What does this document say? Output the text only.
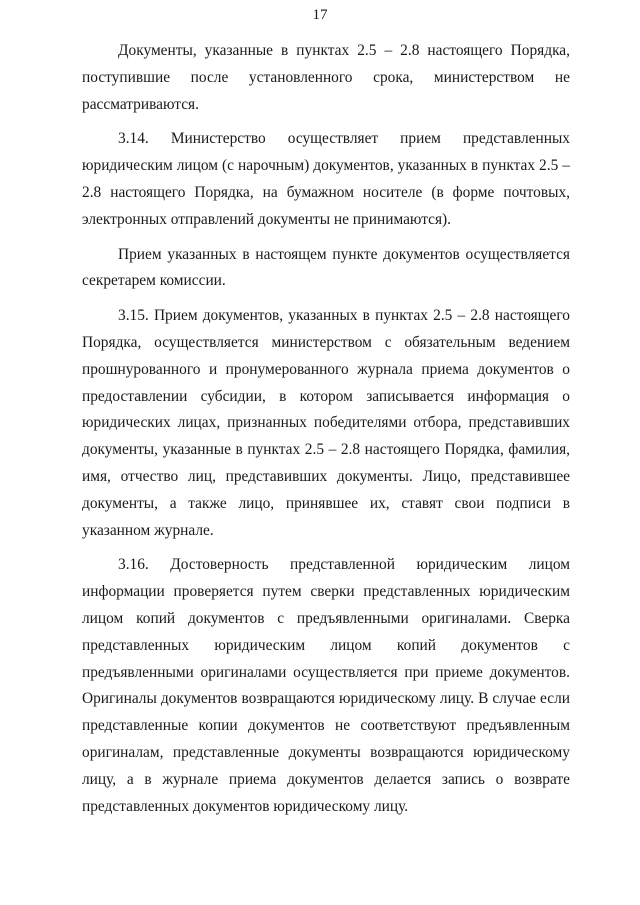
17

Документы, указанные в пунктах 2.5 – 2.8 настоящего Порядка, поступившие после установленного срока, министерством не рассматриваются.

3.14. Министерство осуществляет прием представленных юридическим лицом (с нарочным) документов, указанных в пунктах 2.5 – 2.8 настоящего Порядка, на бумажном носителе (в форме почтовых, электронных отправлений документы не принимаются).

Прием указанных в настоящем пункте документов осуществляется секретарем комиссии.

3.15. Прием документов, указанных в пунктах 2.5 – 2.8 настоящего Порядка, осуществляется министерством с обязательным ведением прошнурованного и пронумерованного журнала приема документов о предоставлении субсидии, в котором записывается информация о юридических лицах, признанных победителями отбора, представивших документы, указанные в пунктах 2.5 – 2.8 настоящего Порядка, фамилия, имя, отчество лиц, представивших документы. Лицо, представившее документы, а также лицо, принявшее их, ставят свои подписи в указанном журнале.

3.16. Достоверность представленной юридическим лицом информации проверяется путем сверки представленных юридическим лицом копий документов с предъявленными оригиналами. Сверка представленных юридическим лицом копий документов с предъявленными оригиналами осуществляется при приеме документов. Оригиналы документов возвращаются юридическому лицу. В случае если представленные копии документов не соответствуют предъявленным оригиналам, представленные документы возвращаются юридическому лицу, а в журнале приема документов делается запись о возврате представленных документов юридическому лицу.
